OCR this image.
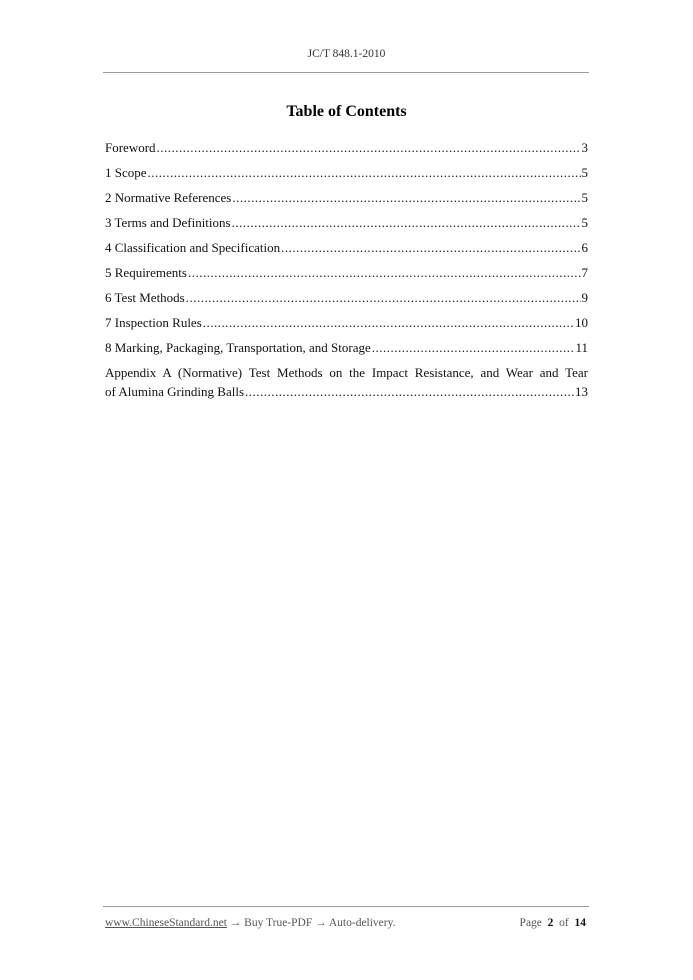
JC/T 848.1-2010
Table of Contents
Foreword .....	3
1 Scope .....	5
2 Normative References .....	5
3 Terms and Definitions .....	5
4 Classification and Specification .....	6
5 Requirements .....	7
6 Test Methods .....	9
7 Inspection Rules .....	10
8 Marking, Packaging, Transportation, and Storage .....	11
Appendix A (Normative) Test Methods on the Impact Resistance, and Wear and Tear
of Alumina Grinding Balls .....	13
www.ChineseStandard.net → Buy True-PDF → Auto-delivery.	Page 2 of 14
